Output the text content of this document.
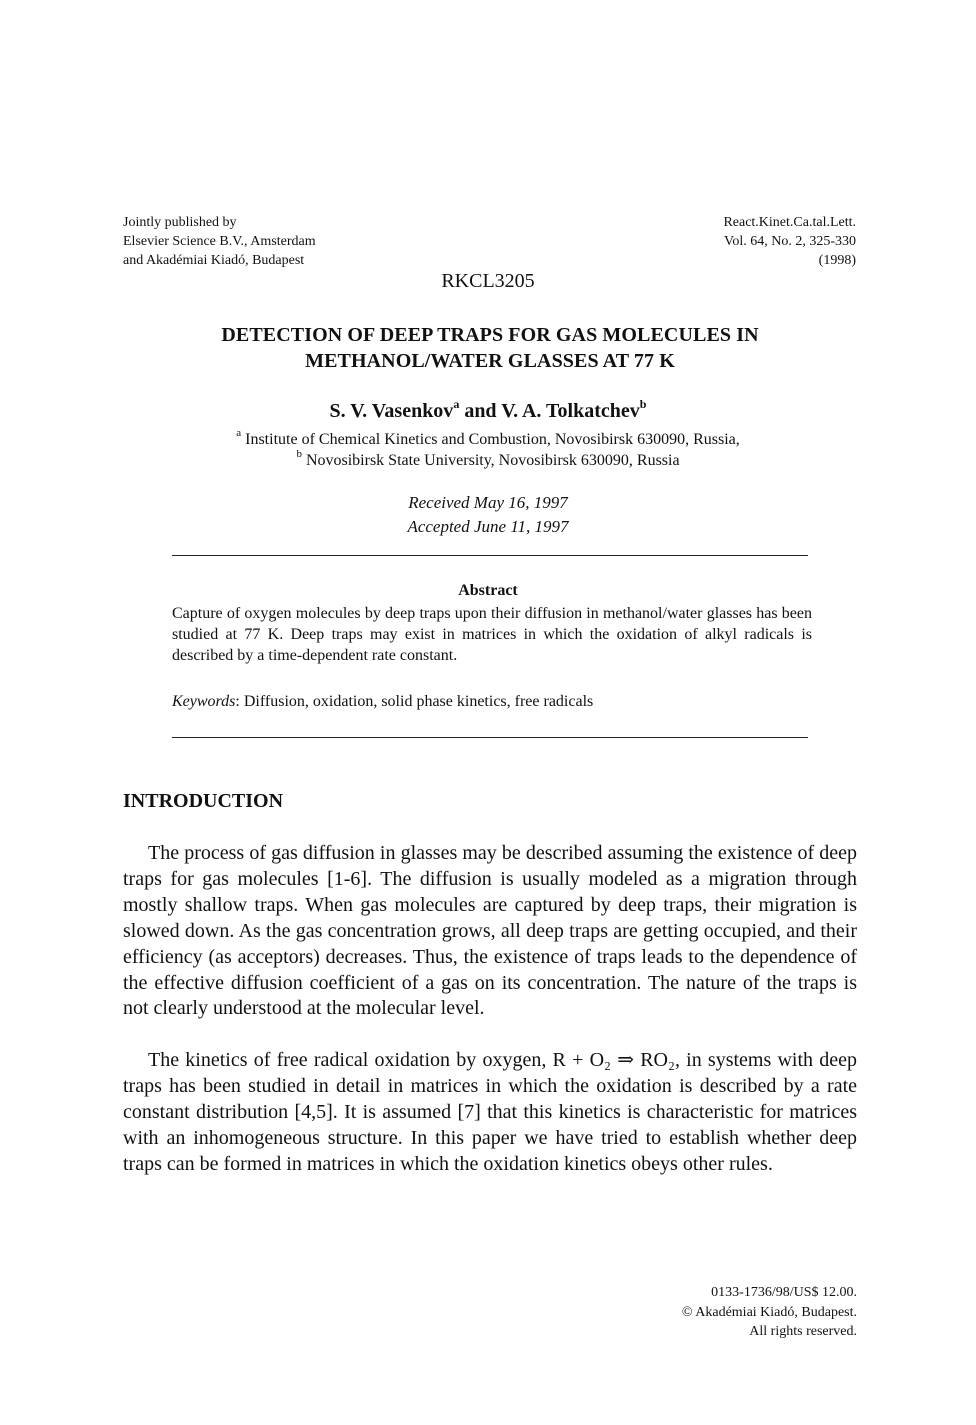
Jointly published by
Elsevier Science B.V., Amsterdam
and Akadémiai Kiadó, Budapest
React.Kinet.Ca.tal.Lett.
Vol. 64, No. 2, 325-330
(1998)
RKCL3205
DETECTION OF DEEP TRAPS FOR GAS MOLECULES IN
METHANOL/WATER GLASSES AT 77 K
S. V. Vasenkov$^a$ and V. A. Tolkatchev$^b$
$^a$ Institute of Chemical Kinetics and Combustion, Novosibirsk 630090, Russia,
$^b$ Novosibirsk State University, Novosibirsk 630090, Russia
Received May 16, 1997
Accepted June 11, 1997
Abstract
Capture of oxygen molecules by deep traps upon their diffusion in methanol/water glasses has been studied at 77 K. Deep traps may exist in matrices in which the oxidation of alkyl radicals is described by a time-dependent rate constant.
Keywords: Diffusion, oxidation, solid phase kinetics, free radicals
INTRODUCTION

The process of gas diffusion in glasses may be described assuming the existence of deep traps for gas molecules [1-6]. The diffusion is usually modeled as a migration through mostly shallow traps. When gas molecules are captured by deep traps, their migration is slowed down. As the gas concentration grows, all deep traps are getting occupied, and their efficiency (as acceptors) decreases. Thus, the existence of traps leads to the dependence of the effective diffusion coefficient of a gas on its concentration. The nature of the traps is not clearly understood at the molecular level.

The kinetics of free radical oxidation by oxygen, R + O₂ ⇒ RO₂, in systems with deep traps has been studied in detail in matrices in which the oxidation is described by a rate constant distribution [4,5]. It is assumed [7] that this kinetics is characteristic for matrices with an inhomogeneous structure. In this paper we have tried to establish whether deep traps can be formed in matrices in which the oxidation kinetics obeys other rules.

0133-1736/98/US$ 12.00.
© Akadémiai Kiadó, Budapest.
All rights reserved.
